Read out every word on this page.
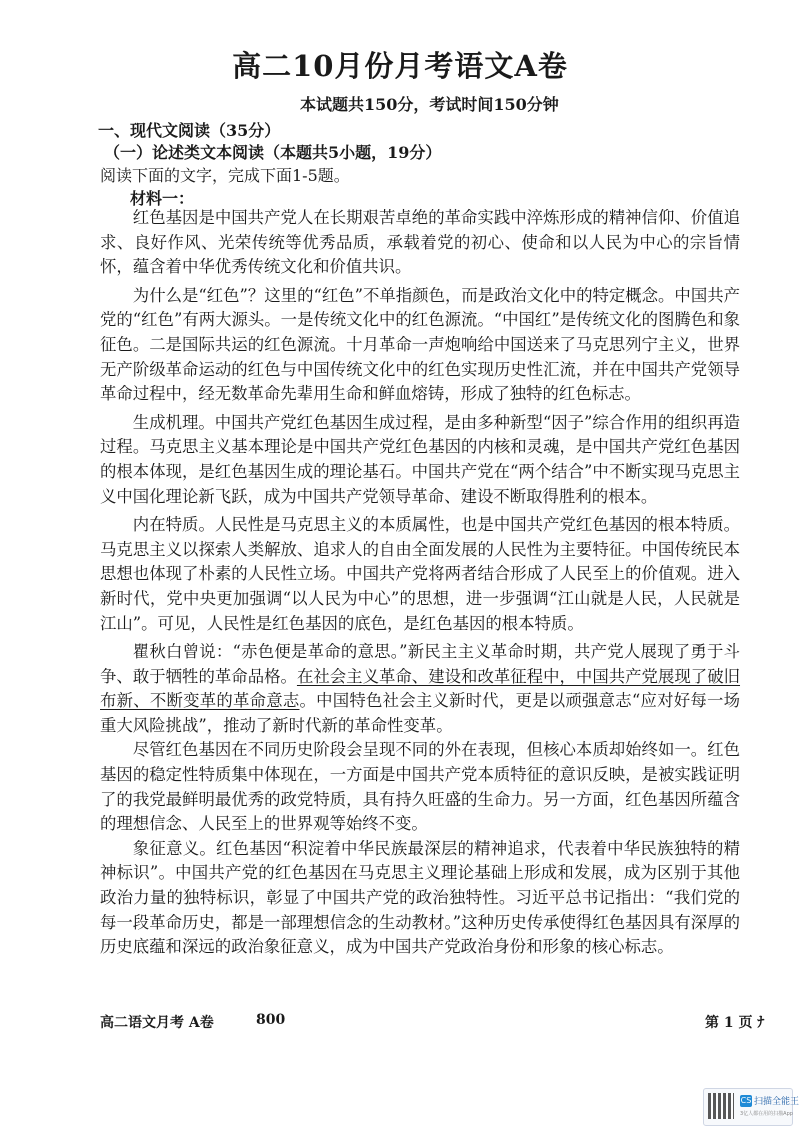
高二10月份月考语文A卷
本试题共150分，考试时间150分钟
一、现代文阅读（35分）
（一）论述类文本阅读（本题共5小题，19分）
阅读下面的文字，完成下面1-5题。
材料一：

红色基因是中国共产党人在长期艰苦卓绝的革命实践中淬炼形成的精神信仰、价值追求、良好作风、光荣传统等优秀品质，承载着党的初心、使命和以人民为中心的宗旨情怀，蕴含着中华优秀传统文化和价值共识。

为什么是“红色”？这里的“红色”不单指颜色，而是政治文化中的特定概念。中国共产党的“红色”有两大源头。一是传统文化中的红色源流。“中国红”是传统文化的图腾色和象征色。二是国际共运的红色源流。十月革命一声炮响给中国送来了马克思列宁主义，世界无产阶级革命运动的红色与中国传统文化中的红色实现历史性汇流，并在中国共产党领导革命过程中，经无数革命先辈用生命和鲜血熔铸，形成了独特的红色标志。

生成机理。中国共产党红色基因生成过程，是由多种新型“因子”综合作用的组织再造过程。马克思主义基本理论是中国共产党红色基因的内核和灵魂，是中国共产党红色基因的根本体现，是红色基因生成的理论基石。中国共产党在“两个结合”中不断实现马克思主义中国化理论新飞跃，成为中国共产党领导革命、建设不断取得胜利的根本。

内在特质。人民性是马克思主义的本质属性，也是中国共产党红色基因的根本特质。马克思主义以探索人类解放、追求人的自由全面发展的人民性为主要特征。中国传统民本思想也体现了朴素的人民性立场。中国共产党将两者结合形成了人民至上的价值观。进入新时代，党中央更加强调“以人民为中心”的思想，进一步强调“江山就是人民，人民就是江山”。可见，人民性是红色基因的底色，是红色基因的根本特质。

瞿秋白曾说：“赤色便是革命的意思。”新民主主义革命时期，共产党人展现了勇于斗争、敢于牺牲的革命品格。在社会主义革命、建设和改革征程中，中国共产党展现了破旧布新、不断变革的革命意志。中国特色社会主义新时代，更是以顽强意志“应对好每一场重大风险挑战”，推动了新时代新的革命性变革。

尽管红色基因在不同历史阶段会呈现不同的外在表现，但核心本质却始终如一。红色基因的稳定性特质集中体现在，一方面是中国共产党本质特征的意识反映，是被实践证明了的我党最鲜明最优秀的政党特质，具有持久旺盛的生命力。另一方面，红色基因所蕴含的理想信念、人民至上的世界观等始终不变。

象征意义。红色基因“积淀着中华民族最深层的精神追求，代表着中华民族独特的精神标识”。中国共产党的红色基因在马克思主义理论基础上形成和发展，成为区别于其他政治力量的独特标识，彰显了中国共产党的政治独特性。习近平总书记指出：“我们党的每一段革命历史，都是一部理想信念的生动教材。”这种历史传承使得红色基因具有深厚的历史底蕴和深远的政治象征意义，成为中国共产党政治身份和形象的核心标志。

高二语文月考 A卷	800	第 1 页 ﾅ
CS 扫描全能王
3亿人都在用的扫描App
